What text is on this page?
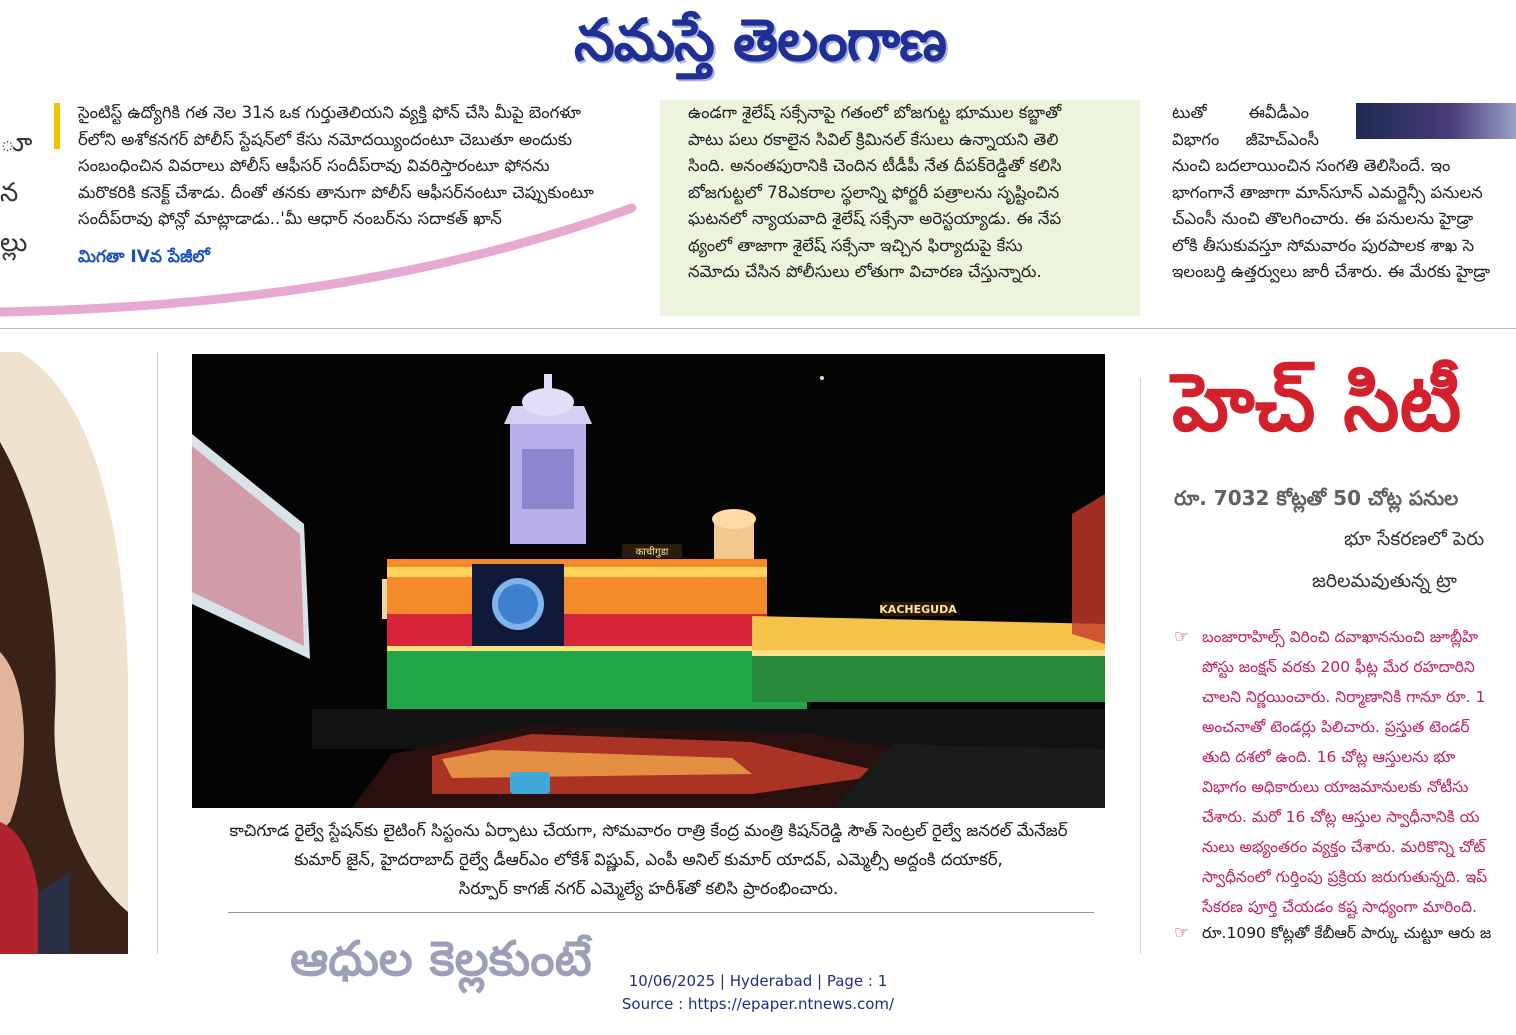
నమస్తే తెలంగాణ
ూ
న
ల్లు
సైంటిస్ట్ ఉద్యోగికి గత నెల 31న ఒక గుర్తుతెలియని వ్యక్తి ఫోన్ చేసి మీపై బెంగళూ
ర్‌లోని అశోకనగర్ పోలీస్ స్టేషన్‌లో కేసు నమోదయ్యిందంటూ చెబుతూ అందుకు
సంబంధించిన వివరాలు పోలీస్ ఆఫీసర్ సందీప్‌రావు వివరిస్తారంటూ ఫోనను
మరొకరికి కనెక్ట్ చేశాడు. దీంతో తనకు తానుగా పోలీస్ ఆఫీసర్‌నంటూ చెప్పుకుంటూ
సందీప్‌రావు ఫోన్లో మాట్లాడాడు..'మీ ఆధార్ నంబర్‌ను సదాకత్ ఖాన్
మిగతా IVవ పేజీలో
ఉండగా శైలేష్ సక్సేనాపై గతంలో బోజగుట్ట భూముల కబ్జాతో
పాటు పలు రకాలైన సివిల్ క్రిమినల్ కేసులు ఉన్నాయని తెలి
సింది. అనంతపురానికి చెందిన టీడీపీ నేత దీపక్‌రెడ్డితో కలిసి
బోజగుట్టలో 78ఎకరాల స్థలాన్ని ఫోర్జరీ పత్రాలను సృష్టించిన
ఘటనలో న్యాయవాది శైలేష్ సక్సేనా అరెస్టయ్యాడు. ఈ నేప
థ్యంలో తాజాగా శైలేష్ సక్సేనా ఇచ్చిన ఫిర్యాదుపై కేసు
నమోదు చేసిన పోలీసులు లోతుగా విచారణ చేస్తున్నారు.
టుతో        ఈవీడీఎం
విభాగం     జీహెచ్‌ఎంసీ
నుంచి బదలాయించిన సంగతి తెలిసిందే. ఇం
భాగంగానే తాజాగా మాన్‌సూన్ ఎమర్జెన్సీ పనులన
చ్‌ఎంసీ నుంచి తొలగించారు. ఈ పనులను హైడ్రా
లోకి తీసుకువస్తూ సోమవారం పురపాలక శాఖ సె
ఇలంబర్తి ఉత్తర్వులు జారీ చేశారు. ఈ మేరకు హైడ్రా
KACHEGUDA
काचीगुडा
కాచిగూడ రైల్వే స్టేషన్‌కు లైటింగ్ సిస్టంను ఏర్పాటు చేయగా, సోమవారం రాత్రి కేంద్ర మంత్రి కిషన్‌రెడ్డి సౌత్ సెంట్రల్ రైల్వే జనరల్ మేనేజర్
కుమార్ జైన్, హైదరాబాద్ రైల్వే డీఆర్‌ఎం లోకేశ్ విష్ణువ్, ఎంపీ అనిల్ కుమార్ యాదవ్, ఎమ్మెల్సీ అద్దంకి దయాకర్,
సిర్పూర్ కాగజ్ నగర్ ఎమ్మెల్యే హరీశ్‌తో కలిసి ప్రారంభించారు.
ఆధుల కెల్లకుంటే
హెచ్ సిటీ
రూ. 7032 కోట్లతో 50 చోట్ల పనుల
భూ సేకరణలో పెరు
జరిలమవుతున్న ట్రా
☞ బంజారాహిల్స్ విరించి దవాఖాననుంచి జూబ్లీహి
పోస్టు జంక్షన్ వరకు 200 ఫీట్ల మేర రహదారిని
చాలని నిర్ణయించారు. నిర్మాణానికి గానూ రూ. 1
అంచనాతో టెండర్లు పిలిచారు. ప్రస్తుత టెండర్
తుది దశలో ఉంది. 16 చోట్ల ఆస్తులను భూ
విభాగం అధికారులు యాజమానులకు నోటీసు
చేశారు. మరో 16 చోట్ల ఆస్తుల స్వాధీనానికి య
నులు అభ్యంతరం వ్యక్తం చేశారు. మరికొన్ని చోట్
స్వాధీనంలో గుర్తింపు ప్రక్రియ జరుగుతున్నది. ఇప్
సేకరణ పూర్తి చేయడం కష్ట సాధ్యంగా మారింది.
☞ రూ.1090 కోట్లతో కేబీఆర్ పార్కు చుట్టూ ఆరు జ
10/06/2025 | Hyderabad | Page : 1
Source : https://epaper.ntnews.com/
